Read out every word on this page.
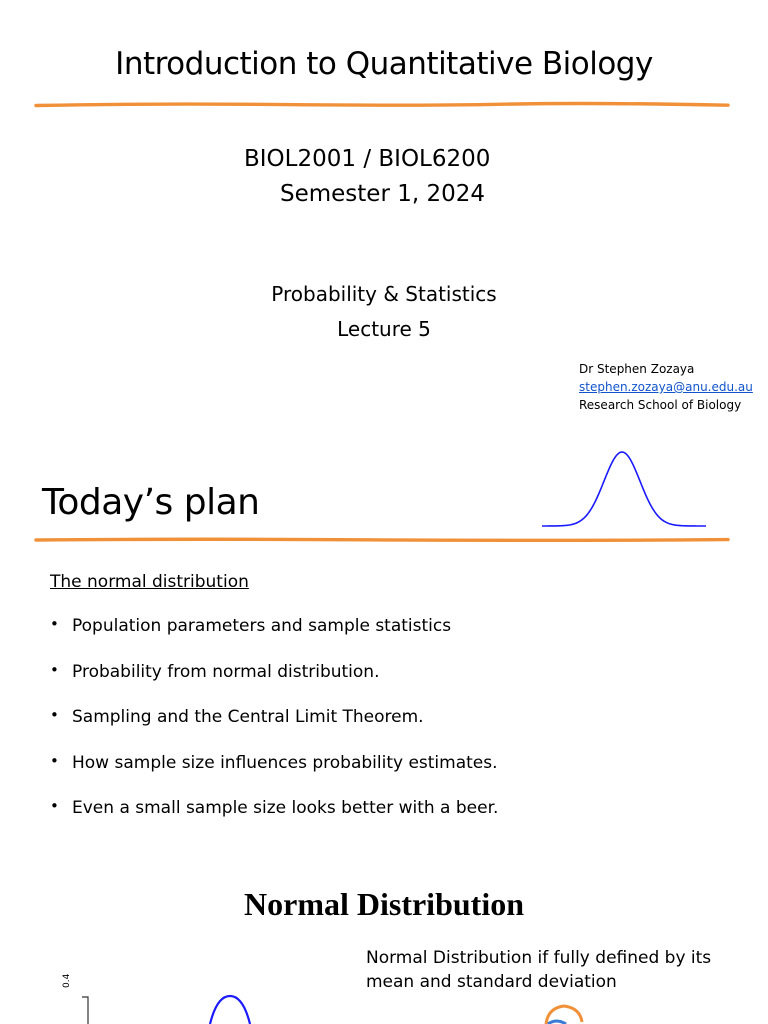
Introduction to Quantitative Biology
BIOL2001 / BIOL6200
Semester 1, 2024
Probability & Statistics
Lecture 5
Dr Stephen Zozaya
stephen.zozaya@anu.edu.au
Research School of Biology
Today’s plan
The normal distribution
• Population parameters and sample statistics
• Probability from normal distribution.
• Sampling and the Central Limit Theorem.
• How sample size influences probability estimates.
• Even a small sample size looks better with a beer.
Normal Distribution
Normal Distribution if fully defined by its
mean and standard deviation
0.4
